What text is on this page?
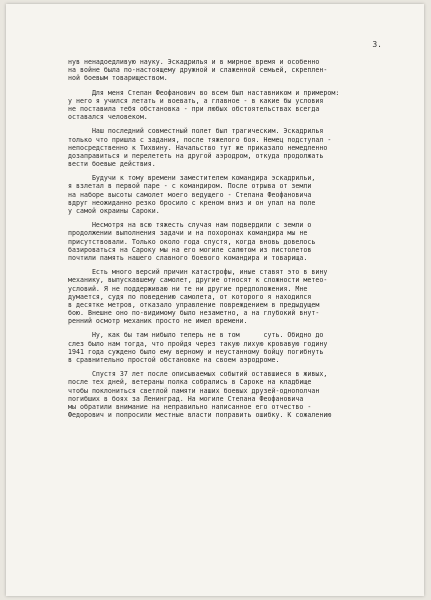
3.
нув ненадоедливую науку. Эскадрилья и в мирное время и особенно
на войне была по-настоящему дружной и слаженной семьей, скреплен-
ной боевым товариществом.
Для меня Степан Феофанович во всем был наставником и примером:
у него я учился летать и воевать, а главное - в какие бы условия
не поставила тебя обстановка - при любых обстоятельствах всегда
оставался человеком.
Наш последний совместный полет был трагическим. Эскадрилья
только что пришла с задания, после тяжелого боя. Немец подступал -
непосредственно к Тихвину. Начальство тут же приказало немедленно
дозаправиться и перелететь на другой аэродром, откуда продолжать
вести боевые действия.
Будучи к тому времени заместителем командира эскадрильи,
я взлетал в первой паре - с командиром. После отрыва от земли
на наборе высоты самолет моего ведущего - Степана Феофановича
вдруг неожиданно резко бросило с креном вниз и он упал на поле
у самой окраины Сароки.
Несмотря на всю тяжесть случая нам подвердили с земли о
продолжении выполнения задачи и на похоронах командира мы не
присутствовали. Только около года спустя, когда вновь довелось
базироваться на Сароку мы на его могиле салютом из пистолетов
почтили память нашего славного боевого командира и товарища.
Есть много версий причин катастрофы, иные ставят это в вину
механику, выпускавшему самолет, другие относят к сложности метео-
условий. Я не поддерживаю ни те ни другие предположения. Мне
думается, судя по поведению самолета, от которого я находился
в десятке метров, отказало управление повреждением в предыдущем
бою. Внешне оно по-видимому было незаметно, а на глубокий внут-
ренний осмотр механик просто не имел времени.
Ну, как бы там нибыло теперь не в том      суть. Обидно до
слез было нам тогда, что пройдя через такую лихую кровавую годину
1941 года суждено было ему верному и неустанному бойцу погибнуть
в сравнительно простой обстановке на своем аэродроме.
Спустя 37 лет после описываемых событий оставшиеся в живых,
после тех дней, ветераны полка собрались в Сароке на кладбище
чтобы поклониться светлой памяти наших боевых друзей-однополчан
погибших в боях за Ленинград. На могиле Степана Феофановича
мы обратили внимание на неправильно написанное его отчество -
Федорович и попросили местные власти поправить ошибку. К сожалению
